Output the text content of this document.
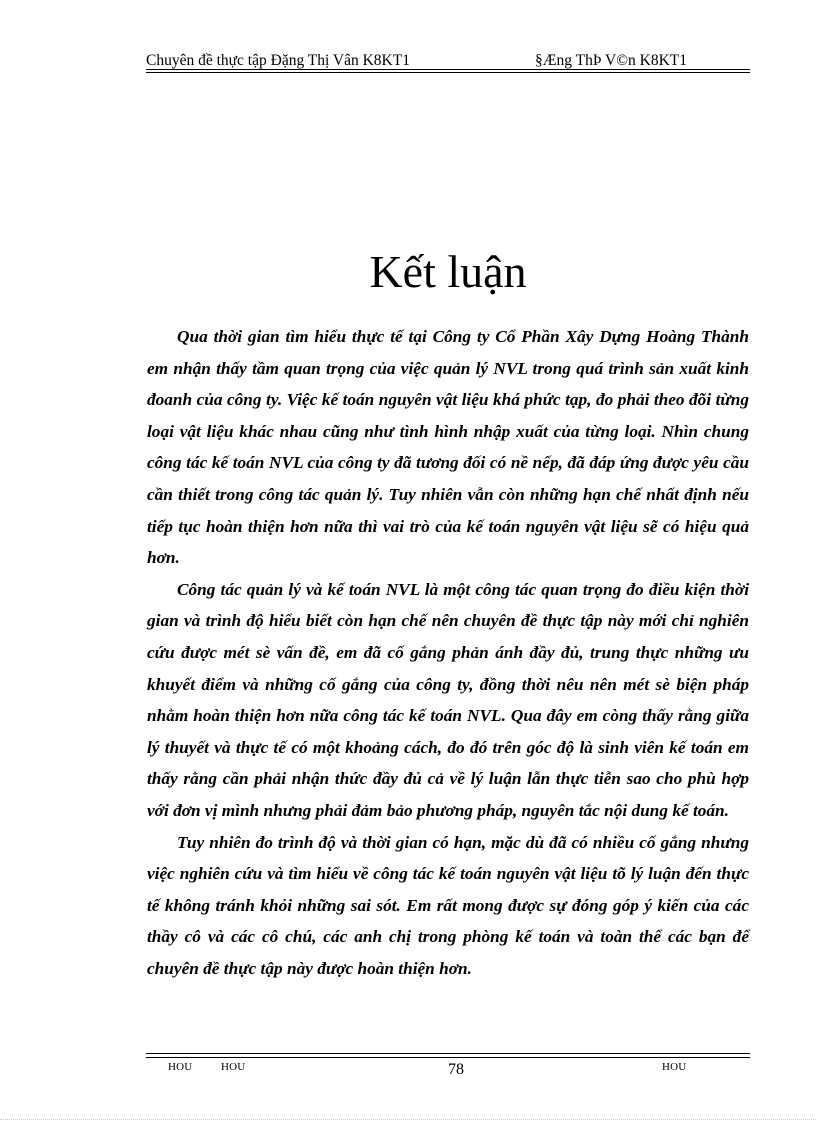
Chuyên đề thực tập Đặng Thị Vân K8KT1	§Æng ThÞ V©n K8KT1
Kết luận

Qua thời gian tìm hiểu thực tế tại Công ty Cổ Phần Xây Dựng Hoàng Thành em nhận thấy tầm quan trọng của việc quản lý NVL trong quá trình sản xuất kinh đoanh của công ty. Việc kế toán nguyên vật liệu khá phức tạp, đo phải theo đõi từng loại vật liệu khác nhau cũng như tình hình nhập xuất của từng loại. Nhìn chung công tác kế toán NVL của công ty đã tương đối có nề nếp, đã đáp ứng được yêu cầu cần thiết trong công tác quản lý. Tuy nhiên vẫn còn những hạn chế nhất định nếu tiếp tục hoàn thiện hơn nữa thì vai trò của kế toán nguyên vật liệu sẽ có hiệu quả hơn.

Công tác quản lý và kế toán NVL là một công tác quan trọng đo điều kiện thời gian và trình độ hiểu biết còn hạn chế nên chuyên đề thực tập này mới chỉ nghiên cứu được mét sè vấn đề, em đã cố gắng phản ánh đầy đủ, trung thực những ưu khuyết điểm và những cố gắng của công ty, đồng thời nêu nên mét sè biện pháp nhằm hoàn thiện hơn nữa công tác kế toán NVL. Qua đây em còng thấy rằng giữa lý thuyết và thực tế có một khoảng cách, đo đó trên góc độ là sinh viên kế toán em thấy rằng cần phải nhận thức đầy đủ cả về lý luận lẫn thực tiễn sao cho phù hợp với đơn vị mình nhưng phải đảm bảo phương pháp, nguyên tắc nội dung kế toán.

Tuy nhiên đo trình độ và thời gian có hạn, mặc dù đã có nhiều cố gắng nhưng việc nghiên cứu và tìm hiểu về công tác kế toán nguyên vật liệu tõ lý luận đến thực tế không tránh khỏi những sai sót. Em rất mong được sự đóng góp ý kiến của các thầy cô và các cô chú, các anh chị trong phòng kế toán và toàn thể các bạn để chuyên đề thực tập này được hoàn thiện hơn.

HOU	HOU	78	HOU
